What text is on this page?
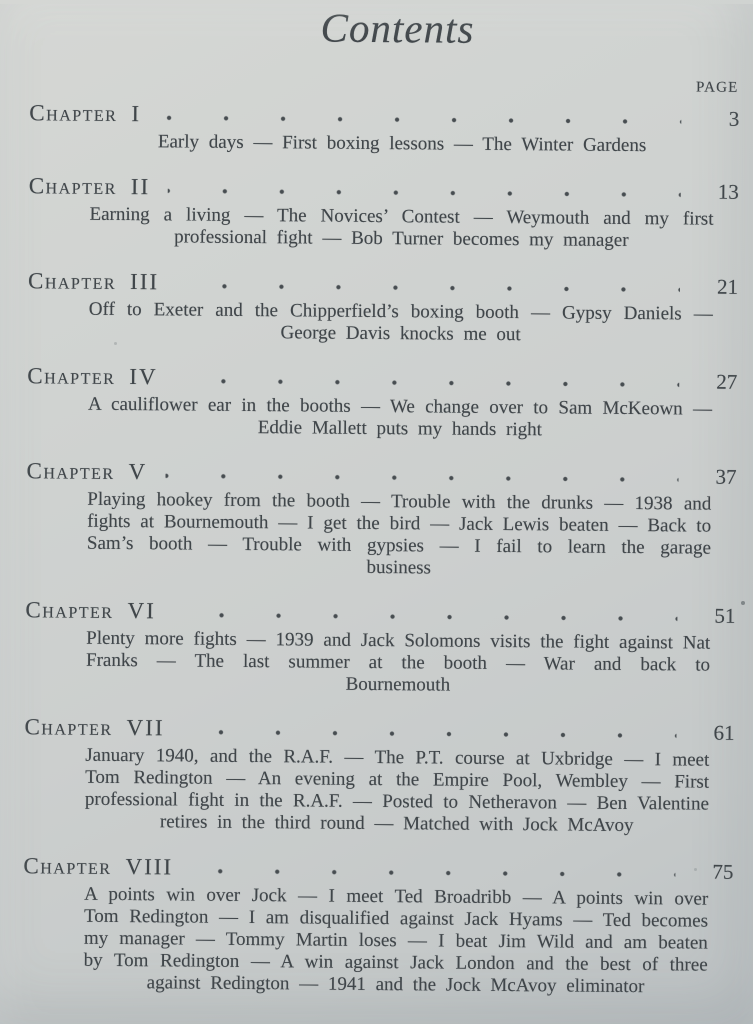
Contents
PAGE
Chapter I	3
Early days — First boxing lessons — The Winter Gardens
Chapter II	13
Earning a living — The Novices’ Contest — Weymouth and my first professional fight — Bob Turner becomes my manager
Chapter III	21
Off to Exeter and the Chipperfield’s boxing booth — Gypsy Daniels — George Davis knocks me out
Chapter IV	27
A cauliflower ear in the booths — We change over to Sam McKeown — Eddie Mallett puts my hands right
Chapter V	37
Playing hookey from the booth — Trouble with the drunks — 1938 and fights at Bournemouth — I get the bird — Jack Lewis beaten — Back to Sam’s booth — Trouble with gypsies — I fail to learn the garage business
Chapter VI	51
Plenty more fights — 1939 and Jack Solomons visits the fight against Nat Franks — The last summer at the booth — War and back to Bournemouth
Chapter VII	61
January 1940, and the R.A.F. — The P.T. course at Uxbridge — I meet Tom Redington — An evening at the Empire Pool, Wembley — First professional fight in the R.A.F. — Posted to Netheravon — Ben Valentine retires in the third round — Matched with Jock McAvoy
Chapter VIII	75
A points win over Jock — I meet Ted Broadribb — A points win over Tom Redington — I am disqualified against Jack Hyams — Ted becomes my manager — Tommy Martin loses — I beat Jim Wild and am beaten by Tom Redington — A win against Jack London and the best of three against Redington — 1941 and the Jock McAvoy eliminator
